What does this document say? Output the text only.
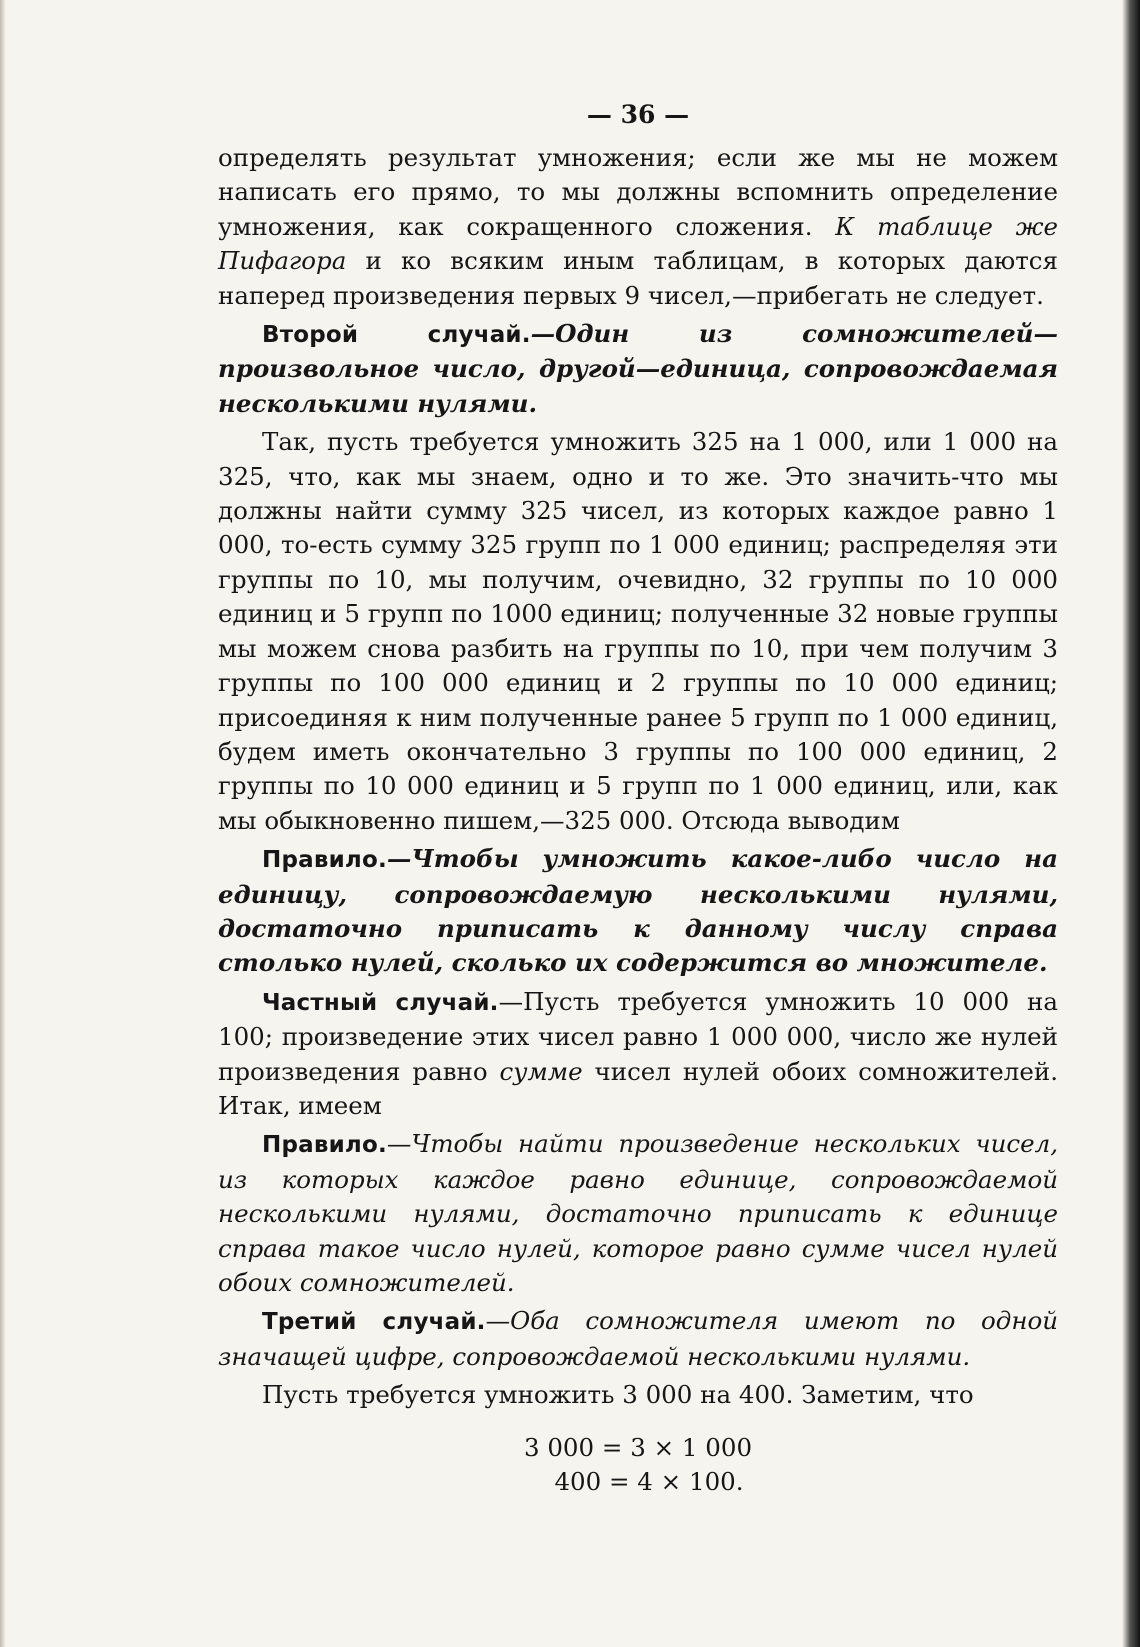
— 36 —

определять результат умножения; если же мы не можем написать его прямо, то мы должны вспомнить определение умножения, как сокращенного сложения. К таблице же Пифагора и ко всяким иным таблицам, в которых даются наперед произведения первых 9 чисел,—прибегать не следует.

Второй случай.—Один из сомножителей—произвольное число, другой—единица, сопровождаемая несколькими нулями.

Так, пусть требуется умножить 325 на 1 000, или 1 000 на 325, что, как мы знаем, одно и то же. Это значить-что мы должны найти сумму 325 чисел, из которых каждое равно 1 000, то-есть сумму 325 групп по 1 000 единиц; распределяя эти группы по 10, мы получим, очевидно, 32 группы по 10 000 единиц и 5 групп по 1000 единиц; полученные 32 новые группы мы можем снова разбить на группы по 10, при чем получим 3 группы по 100 000 единиц и 2 группы по 10 000 единиц; присоединяя к ним полученные ранее 5 групп по 1 000 единиц, будем иметь окончательно 3 группы по 100 000 единиц, 2 группы по 10 000 единиц и 5 групп по 1 000 единиц, или, как мы обыкновенно пишем,—325 000. Отсюда выводим

Правило.—Чтобы умножить какое-либо число на единицу, сопровождаемую несколькими нулями, достаточно приписать к данному числу справа столько нулей, сколько их содержится во множителе.

Частный случай.—Пусть требуется умножить 10 000 на 100; произведение этих чисел равно 1 000 000, число же нулей произведения равно сумме чисел нулей обоих сомножителей. Итак, имеем

Правило.—Чтобы найти произведение нескольких чисел, из которых каждое равно единице, сопровождаемой несколькими нулями, достаточно приписать к единице справа такое число нулей, которое равно сумме чисел нулей обоих сомножителей.

Третий случай.—Оба сомножителя имеют по одной значащей цифре, сопровождаемой несколькими нулями.

Пусть требуется умножить 3 000 на 400. Заметим, что

3 000 = 3 × 1 000
400 = 4 × 100.
